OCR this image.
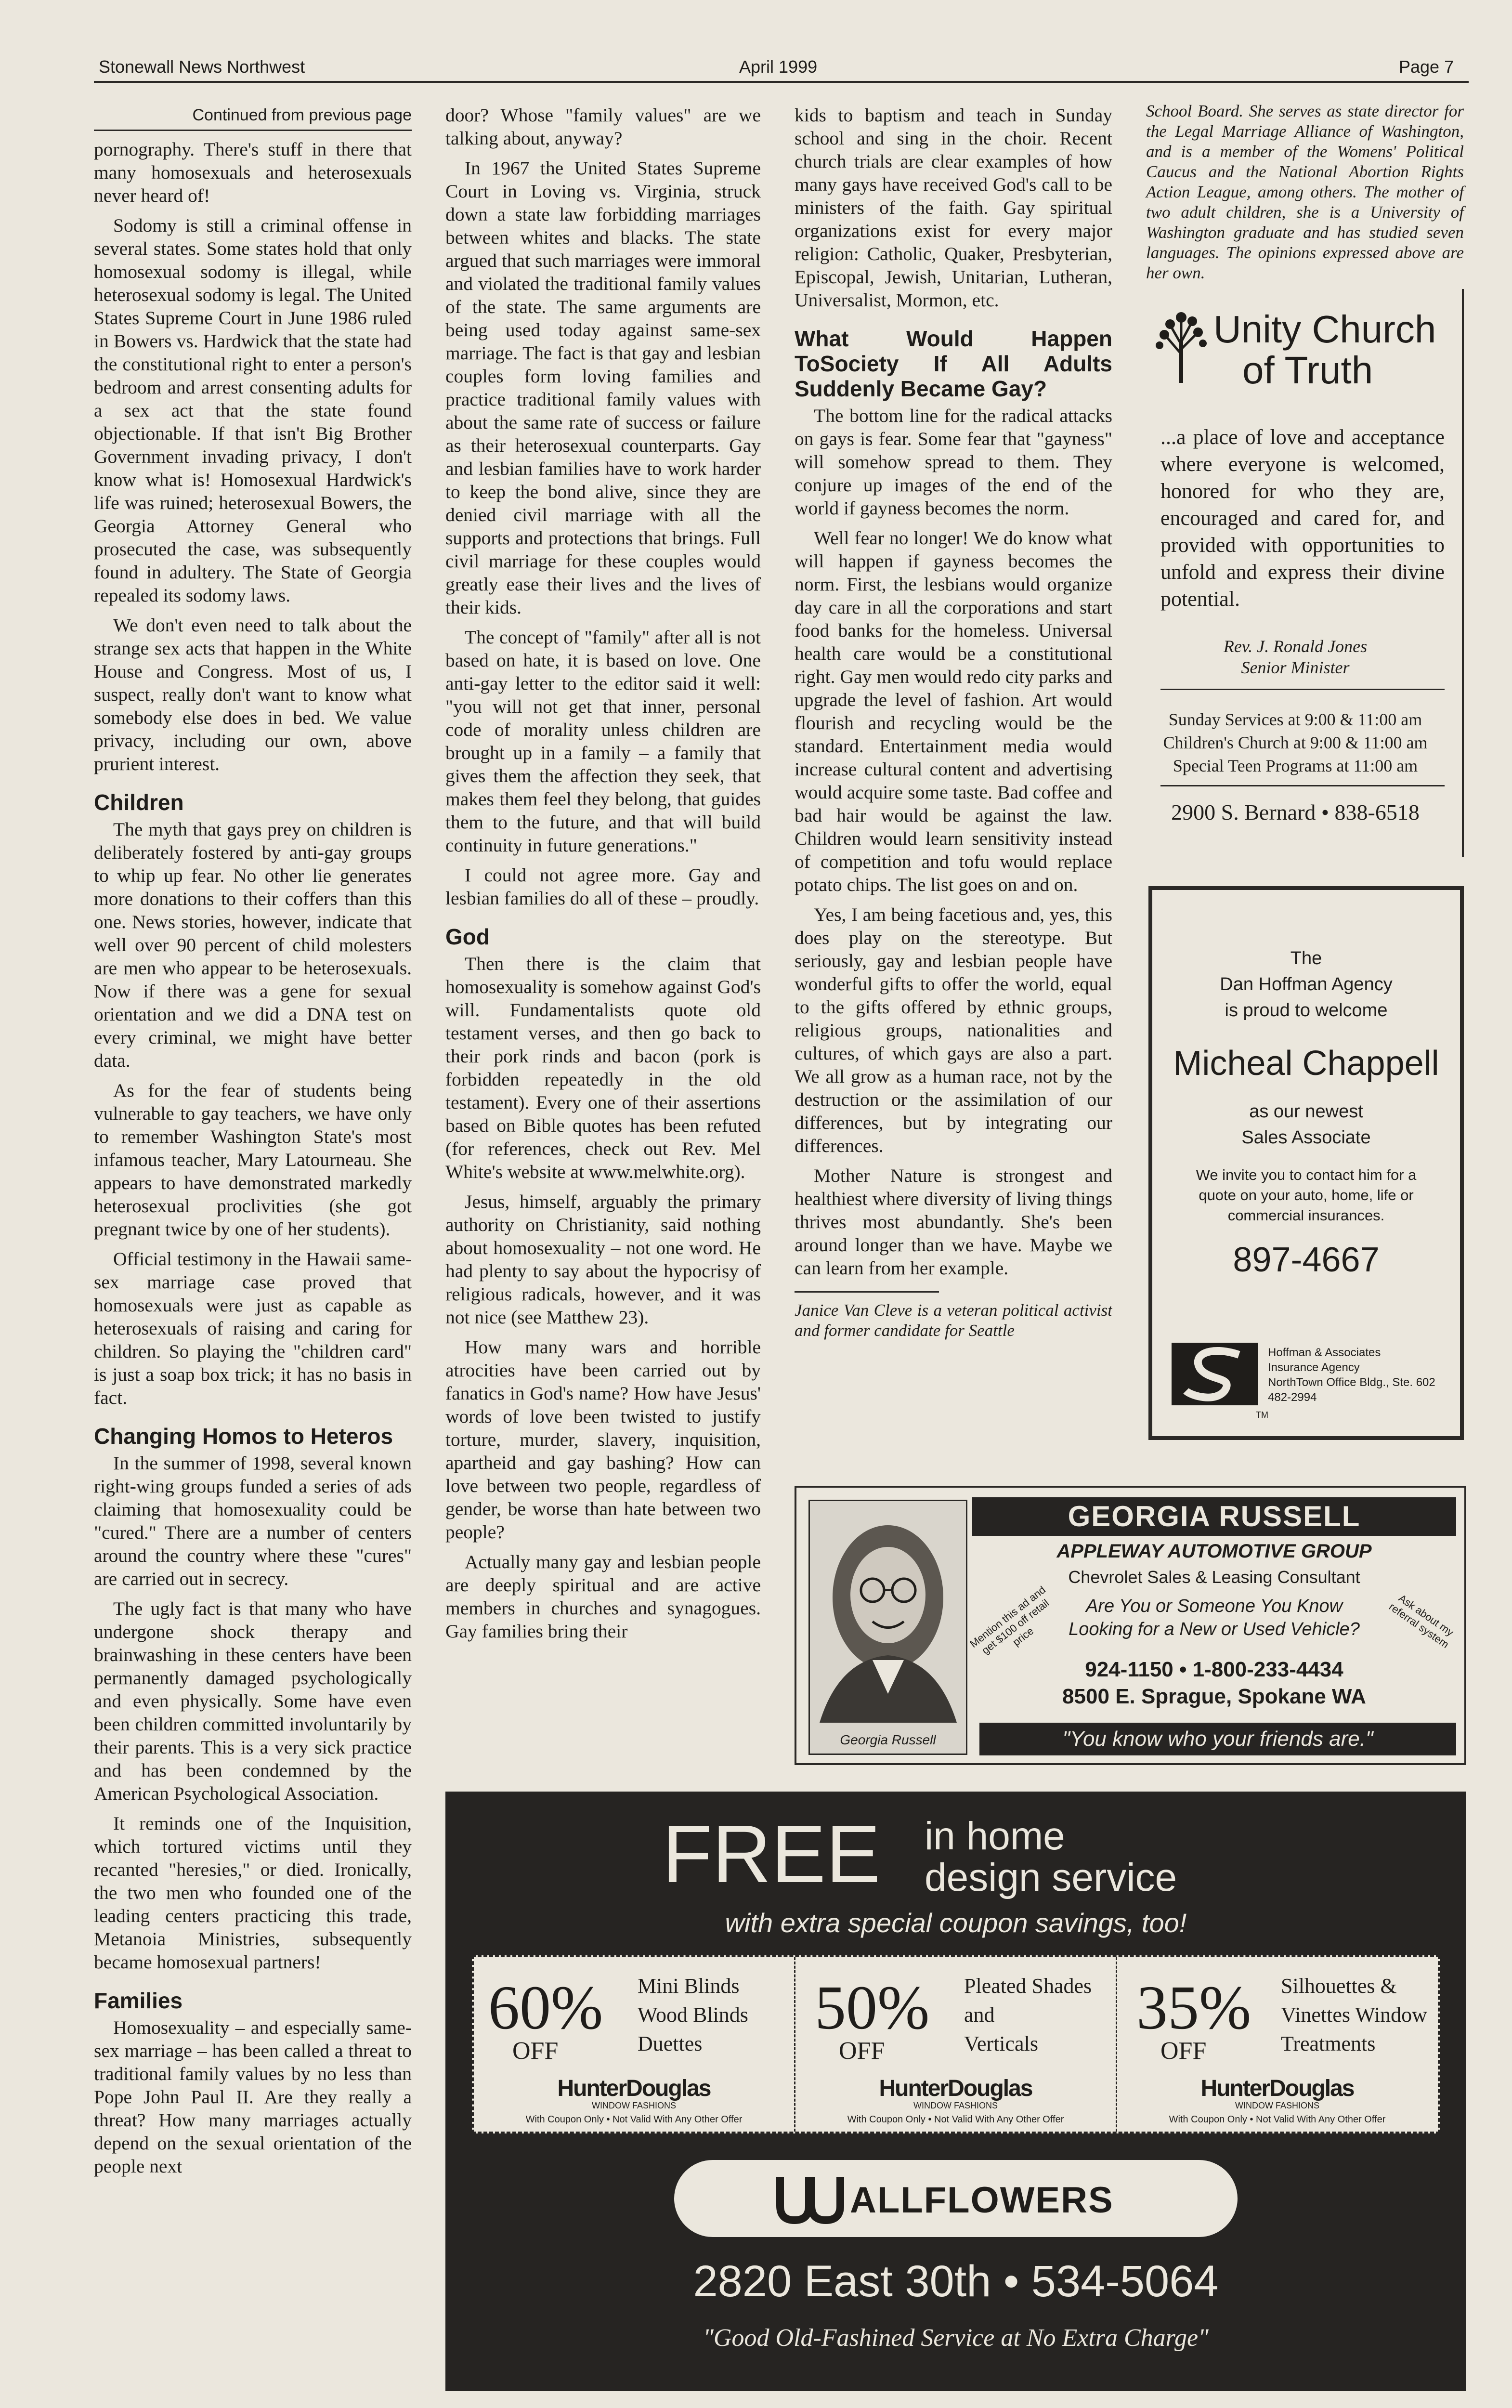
Stonewall News Northwest	April 1999	Page 7

Continued from previous page

pornography. There's stuff in there that many homosexuals and heterosexuals never heard of!

Sodomy is still a criminal offense in several states. Some states hold that only homosexual sodomy is illegal, while heterosexual sodomy is legal. The United States Supreme Court in June 1986 ruled in Bowers vs. Hardwick that the state had the constitutional right to enter a person's bedroom and arrest consenting adults for a sex act that the state found objectionable. If that isn't Big Brother Government invading privacy, I don't know what is! Homosexual Hardwick's life was ruined; heterosexual Bowers, the Georgia Attorney General who prosecuted the case, was subsequently found in adultery. The State of Georgia repealed its sodomy laws.

We don't even need to talk about the strange sex acts that happen in the White House and Congress. Most of us, I suspect, really don't want to know what somebody else does in bed. We value privacy, including our own, above prurient interest.

Children

The myth that gays prey on children is deliberately fostered by anti-gay groups to whip up fear. No other lie generates more donations to their coffers than this one. News stories, however, indicate that well over 90 percent of child molesters are men who appear to be heterosexuals. Now if there was a gene for sexual orientation and we did a DNA test on every criminal, we might have better data.

As for the fear of students being vulnerable to gay teachers, we have only to remember Washington State's most infamous teacher, Mary Latourneau. She appears to have demonstrated markedly heterosexual proclivities (she got pregnant twice by one of her students).

Official testimony in the Hawaii same-sex marriage case proved that homosexuals were just as capable as heterosexuals of raising and caring for children. So playing the "children card" is just a soap box trick; it has no basis in fact.

Changing Homos to Heteros

In the summer of 1998, several known right-wing groups funded a series of ads claiming that homosexuality could be "cured." There are a number of centers around the country where these "cures" are carried out in secrecy.

The ugly fact is that many who have undergone shock therapy and brainwashing in these centers have been permanently damaged psychologically and even physically. Some have even been children committed involuntarily by their parents. This is a very sick practice and has been condemned by the American Psychological Association.

It reminds one of the Inquisition, which tortured victims until they recanted "heresies," or died. Ironically, the two men who founded one of the leading centers practicing this trade, Metanoia Ministries, subsequently became homosexual partners!

Families

Homosexuality – and especially same-sex marriage – has been called a threat to traditional family values by no less than Pope John Paul II. Are they really a threat? How many marriages actually depend on the sexual orientation of the people next

door? Whose "family values" are we talking about, anyway?

In 1967 the United States Supreme Court in Loving vs. Virginia, struck down a state law forbidding marriages between whites and blacks. The state argued that such marriages were immoral and violated the traditional family values of the state. The same arguments are being used today against same-sex marriage. The fact is that gay and lesbian couples form loving families and practice traditional family values with about the same rate of success or failure as their heterosexual counterparts. Gay and lesbian families have to work harder to keep the bond alive, since they are denied civil marriage with all the supports and protections that brings. Full civil marriage for these couples would greatly ease their lives and the lives of their kids.

The concept of "family" after all is not based on hate, it is based on love. One anti-gay letter to the editor said it well: "you will not get that inner, personal code of morality unless children are brought up in a family – a family that gives them the affection they seek, that makes them feel they belong, that guides them to the future, and that will build continuity in future generations."

I could not agree more. Gay and lesbian families do all of these – proudly.

God

Then there is the claim that homosexuality is somehow against God's will. Fundamentalists quote old testament verses, and then go back to their pork rinds and bacon (pork is forbidden repeatedly in the old testament). Every one of their assertions based on Bible quotes has been refuted (for references, check out Rev. Mel White's website at www.melwhite.org).

Jesus, himself, arguably the primary authority on Christianity, said nothing about homosexuality – not one word. He had plenty to say about the hypocrisy of religious radicals, however, and it was not nice (see Matthew 23).

How many wars and horrible atrocities have been carried out by fanatics in God's name? How have Jesus' words of love been twisted to justify torture, murder, slavery, inquisition, apartheid and gay bashing? How can love between two people, regardless of gender, be worse than hate between two people?

Actually many gay and lesbian people are deeply spiritual and are active members in churches and synagogues. Gay families bring their

kids to baptism and teach in Sunday school and sing in the choir. Recent church trials are clear examples of how many gays have received God's call to be ministers of the faith. Gay spiritual organizations exist for every major religion: Catholic, Quaker, Presbyterian, Episcopal, Jewish, Unitarian, Lutheran, Universalist, Mormon, etc.

What Would Happen ToSociety If All Adults Suddenly Became Gay?

The bottom line for the radical attacks on gays is fear. Some fear that "gayness" will somehow spread to them. They conjure up images of the end of the world if gayness becomes the norm.

Well fear no longer! We do know what will happen if gayness becomes the norm. First, the lesbians would organize day care in all the corporations and start food banks for the homeless. Universal health care would be a constitutional right. Gay men would redo city parks and upgrade the level of fashion. Art would flourish and recycling would be the standard. Entertainment media would increase cultural content and advertising would acquire some taste. Bad coffee and bad hair would be against the law. Children would learn sensitivity instead of competition and tofu would replace potato chips. The list goes on and on.

Yes, I am being facetious and, yes, this does play on the stereotype. But seriously, gay and lesbian people have wonderful gifts to offer the world, equal to the gifts offered by ethnic groups, religious groups, nationalities and cultures, of which gays are also a part. We all grow as a human race, not by the destruction or the assimilation of our differences, but by integrating our differences.

Mother Nature is strongest and healthiest where diversity of living things thrives most abundantly. She's been around longer than we have. Maybe we can learn from her example.

Janice Van Cleve is a veteran political activist and former candidate for Seattle

School Board. She serves as state director for the Legal Marriage Alliance of Washington, and is a member of the Womens' Political Caucus and the National Abortion Rights Action League, among others. The mother of two adult children, she is a University of Washington graduate and has studied seven languages. The opinions expressed above are her own.

Unity Church
of Truth
...a place of love and acceptance where everyone is welcomed, honored for who they are, encouraged and cared for, and provided with opportunities to unfold and express their divine potential.
Rev. J. Ronald Jones
Senior Minister
Sunday Services at 9:00 & 11:00 am
Children's Church at 9:00 & 11:00 am
Special Teen Programs at 11:00 am
2900 S. Bernard • 838-6518
The
Dan Hoffman Agency
is proud to welcome
Micheal Chappell
as our newest
Sales Associate
We invite you to contact him for a quote on your auto, home, life or commercial insurances.
897-4667
TM
Hoffman & Associates
Insurance Agency
NorthTown Office Bldg., Ste. 602
482-2994
Georgia Russell
GEORGIA RUSSELL
APPLEWAY AUTOMOTIVE GROUP
Chevrolet Sales & Leasing Consultant
Are You or Someone You Know
Looking for a New or Used Vehicle?
Mention this ad and get $100 off retail price	Ask about my referral system
924-1150 • 1-800-233-4434
8500 E. Sprague, Spokane WA
"You know who your friends are."
FREE in home
design service
with extra special coupon savings, too!
60%
OFF
Mini Blinds
Wood Blinds
Duettes
HunterDouglas
WINDOW FASHIONS
With Coupon Only • Not Valid With Any Other Offer
50%
OFF
Pleated Shades
and
Verticals
HunterDouglas
WINDOW FASHIONS
With Coupon Only • Not Valid With Any Other Offer
35%
OFF
Silhouettes &
Vinettes Window
Treatments
HunterDouglas
WINDOW FASHIONS
With Coupon Only • Not Valid With Any Other Offer
ALLFLOWERS
2820 East 30th • 534-5064
"Good Old-Fashined Service at No Extra Charge"
